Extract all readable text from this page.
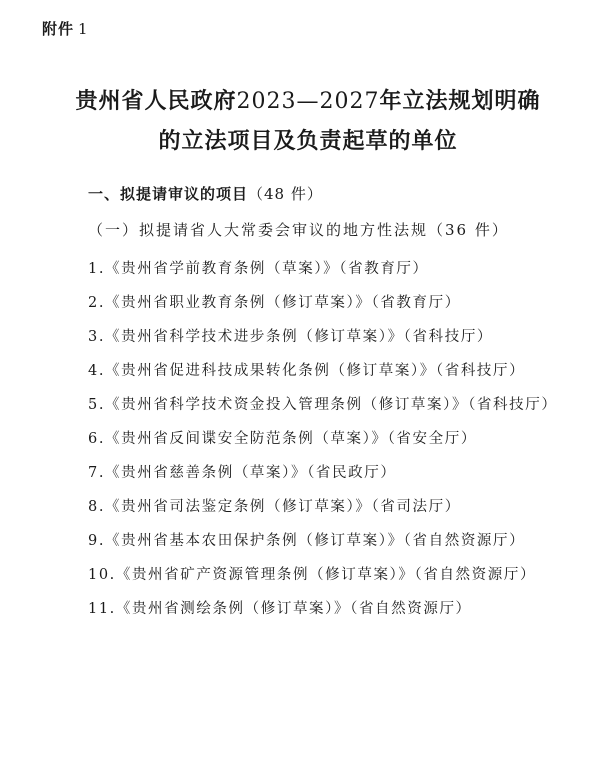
附件 1
贵州省人民政府2023—2027年立法规划明确
的立法项目及负责起草的单位
一、拟提请审议的项目（48 件）
（一）拟提请省人大常委会审议的地方性法规（36 件）
1.《贵州省学前教育条例（草案）》（省教育厅）
2.《贵州省职业教育条例（修订草案）》（省教育厅）
3.《贵州省科学技术进步条例（修订草案）》（省科技厅）
4.《贵州省促进科技成果转化条例（修订草案）》（省科技厅）
5.《贵州省科学技术资金投入管理条例（修订草案）》（省科技厅）
6.《贵州省反间谍安全防范条例（草案）》（省安全厅）
7.《贵州省慈善条例（草案）》（省民政厅）
8.《贵州省司法鉴定条例（修订草案）》（省司法厅）
9.《贵州省基本农田保护条例（修订草案）》（省自然资源厅）
10.《贵州省矿产资源管理条例（修订草案）》（省自然资源厅）
11.《贵州省测绘条例（修订草案）》（省自然资源厅）
